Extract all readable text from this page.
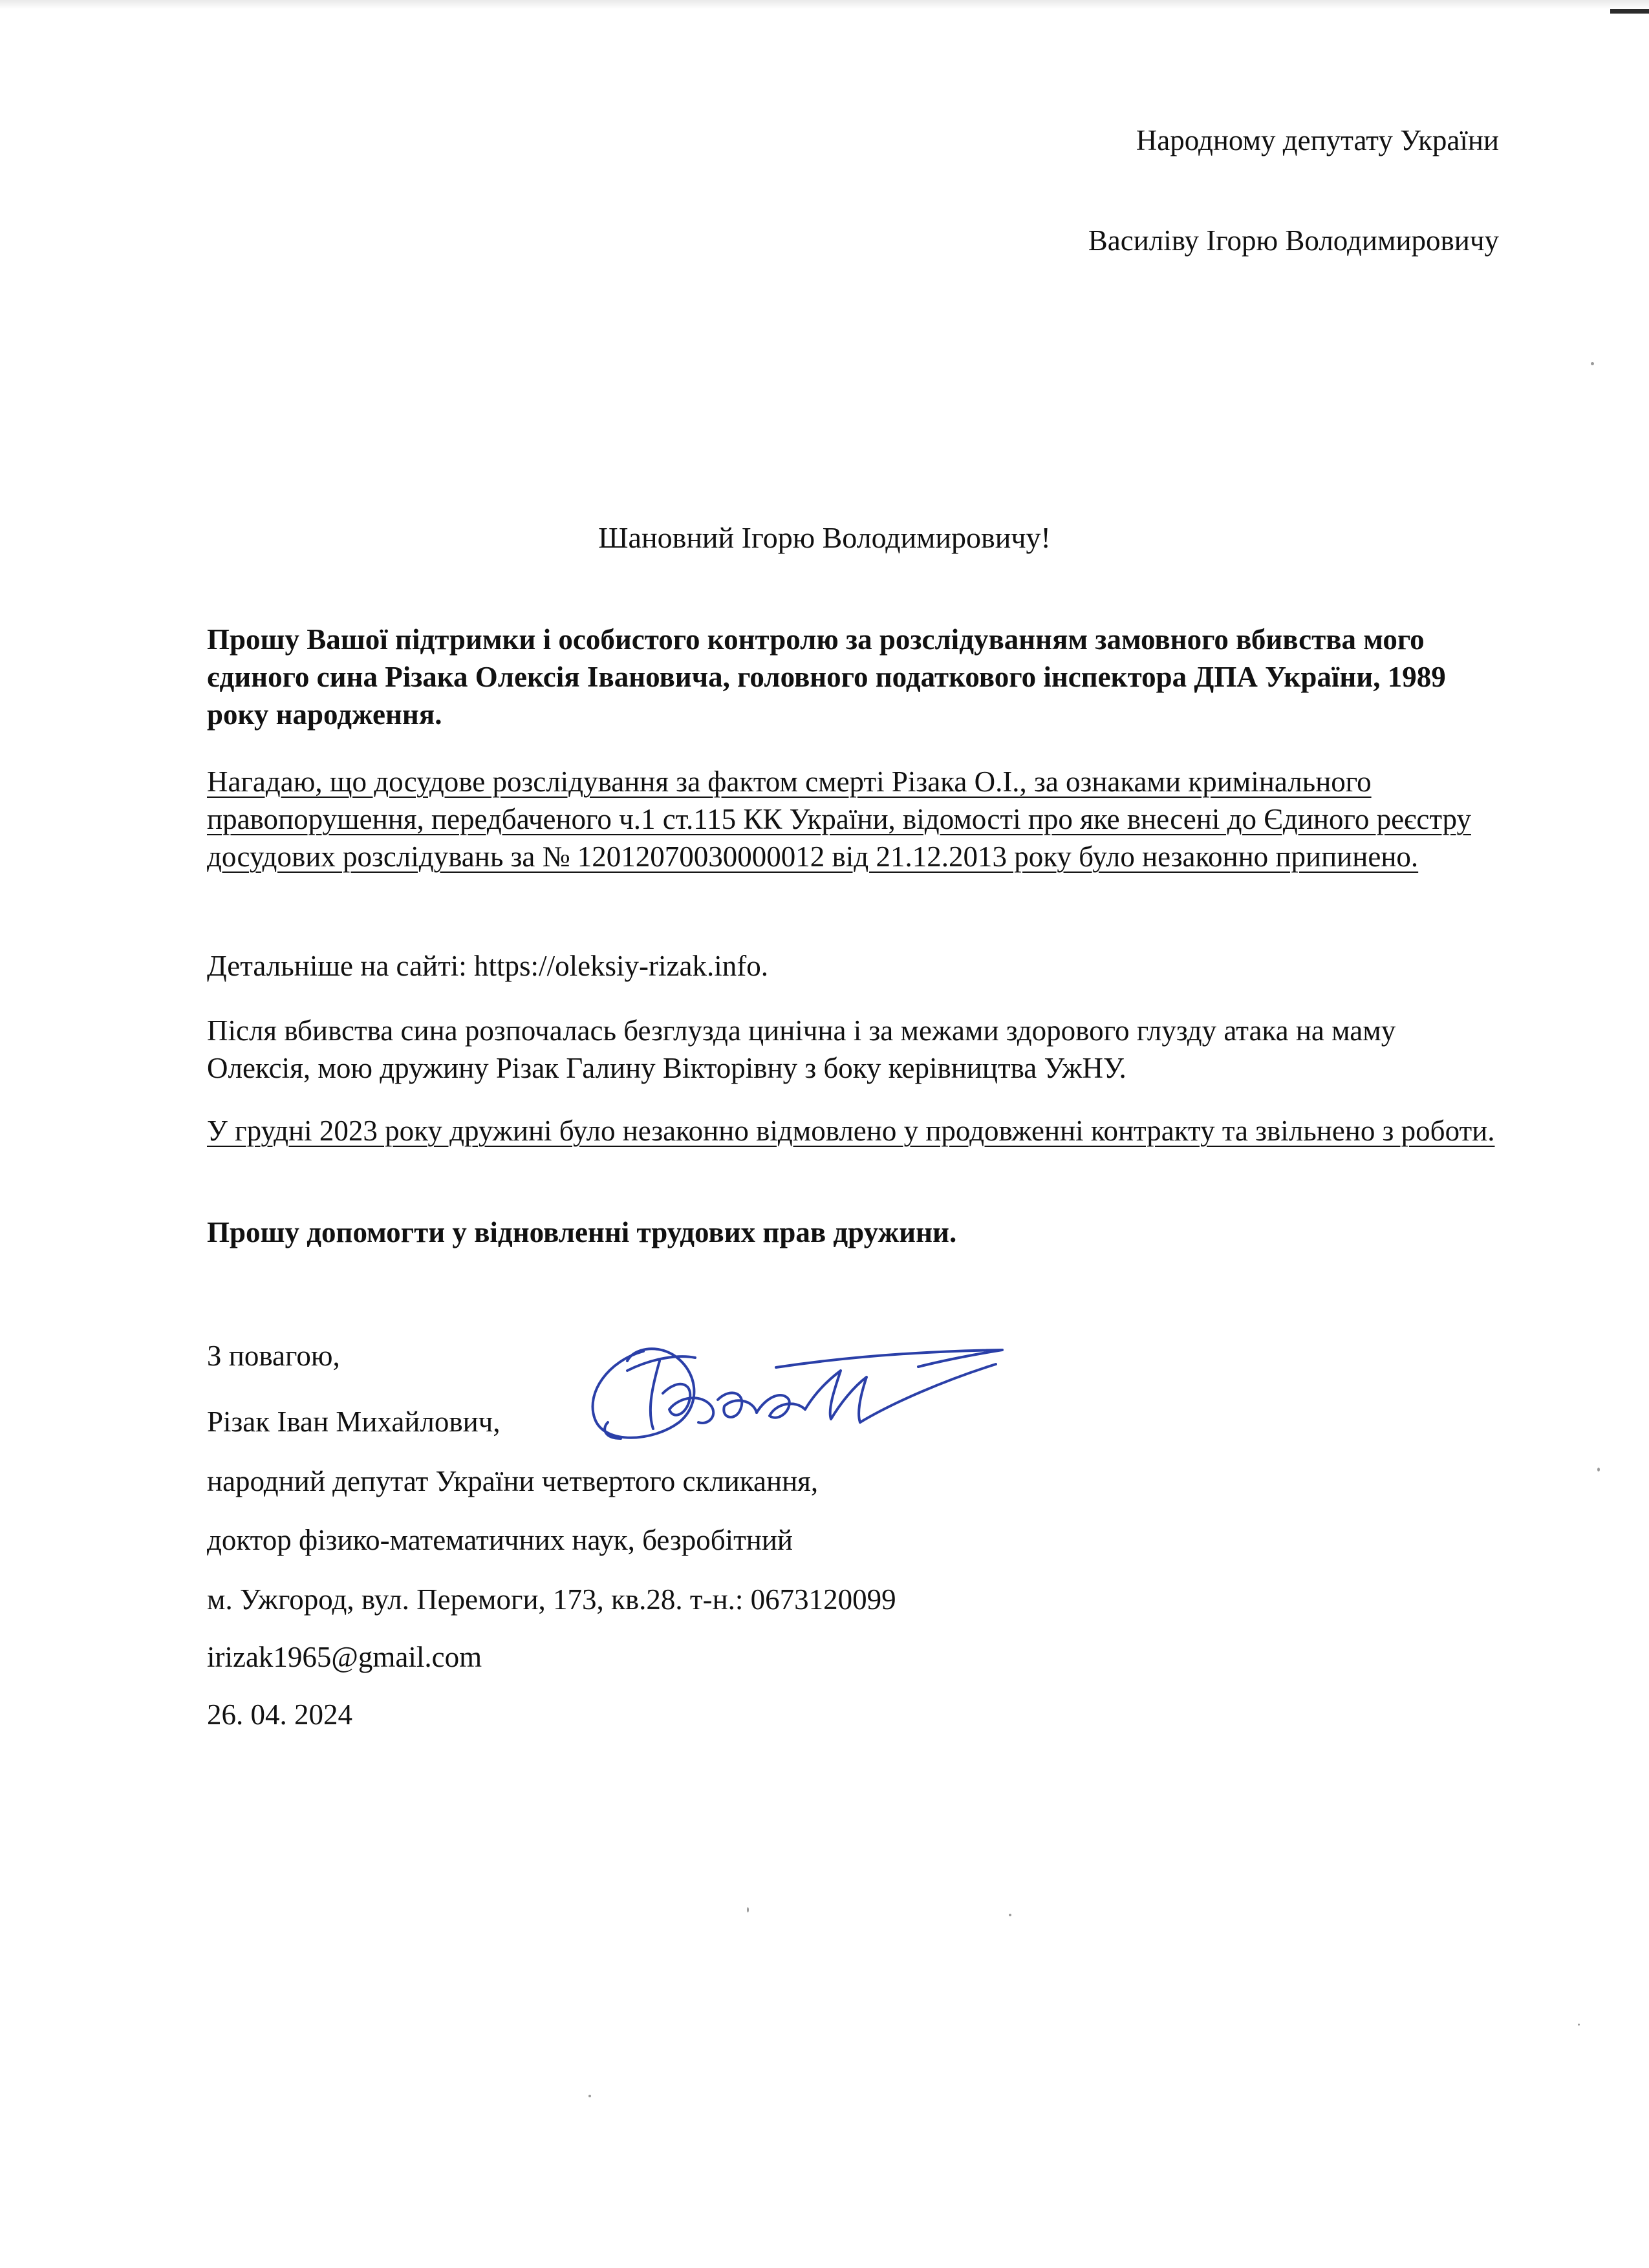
Народному депутату України
Василіву Ігорю Володимировичу
Шановний Ігорю Володимировичу!

Прошу Вашої підтримки і особистого контролю за розслідуванням замовного вбивства мого єдиного сина Різака Олексія Івановича, головного податкового інспектора ДПА України, 1989 року народження.

Нагадаю, що досудове розслідування за фактом смерті Різака О.І., за ознаками кримінального правопорушення, передбаченого ч.1 ст.115 КК України, відомості про яке внесені до Єдиного реєстру досудових розслідувань за № 12012070030000012 від 21.12.2013 року було незаконно припинено.

Детальніше на сайті: https://oleksiy-rizak.info.

Після вбивства сина розпочалась безглузда цинічна і за межами здорового глузду атака на маму Олексія, мою дружину Різак Галину Вікторівну з боку керівництва УжНУ.

У грудні 2023 року дружині було незаконно відмовлено у продовженні контракту та звільнено з роботи.

Прошу допомогти у відновленні трудових прав дружини.

З повагою,
Різак Іван Михайлович,
народний депутат України четвертого скликання,
доктор фізико-математичних наук, безробітний
м. Ужгород, вул. Перемоги, 173, кв.28. т-н.: 0673120099
irizak1965@gmail.com
26. 04. 2024
